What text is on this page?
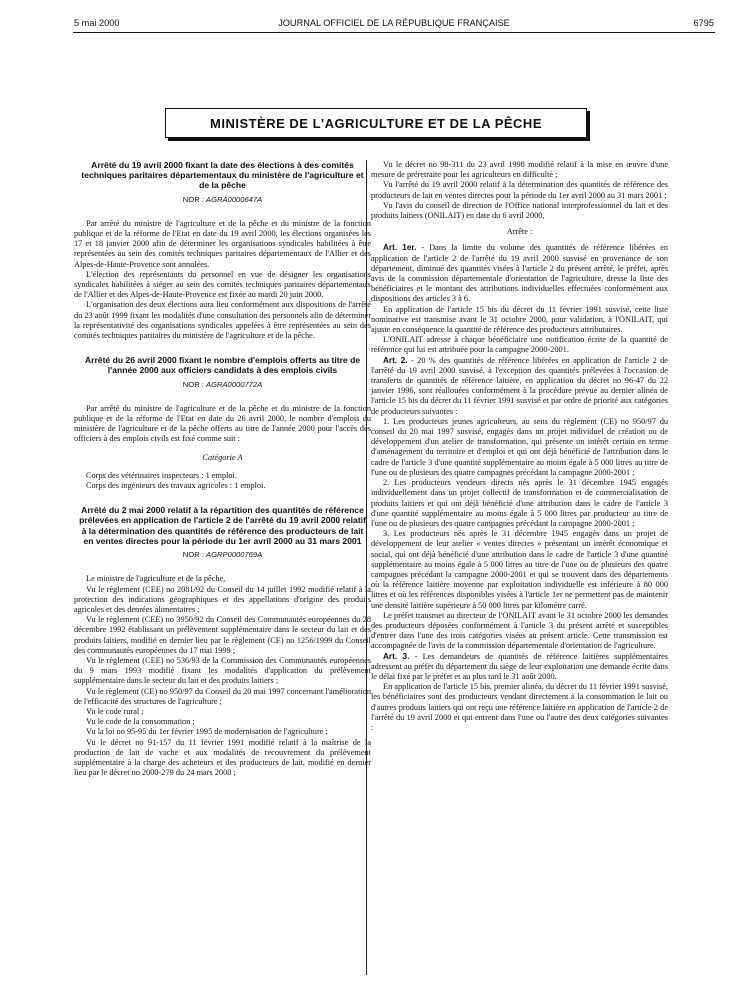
5 mai 2000	JOURNAL OFFICIEL DE LA RÉPUBLIQUE FRANÇAISE	6795
MINISTÈRE DE L'AGRICULTURE ET DE LA PÊCHE
Arrêté du 19 avril 2000 fixant la date des élections à des comités techniques paritaires départementaux du ministère de l'agriculture et de la pêche
NOR : AGRA0000647A

Par arrêté du ministre de l'agriculture et de la pêche et du ministre de la fonction publique et de la réforme de l'Etat en date du 19 avril 2000, les élections organisées les 17 et 18 janvier 2000 afin de déterminer les organisations syndicales habilitées à être représentées au sein des comités techniques paritaires départementaux de l'Allier et des Alpes-de-Haute-Provence sont annulées.

L'élection des représentants du personnel en vue de désigner les organisations syndicales habilitées à siéger au sein des comités techniques paritaires départementaux de l'Allier et des Alpes-de-Haute-Provence est fixée au mardi 20 juin 2000.

L'organisation des deux élections aura lieu conformément aux dispositions de l'arrêté du 23 août 1999 fixant les modalités d'une consultation des personnels afin de déterminer la représentativité des organisations syndicales appelées à être représentées au sein des comités techniques paritaires du ministère de l'agriculture et de la pêche.

Arrêté du 26 avril 2000 fixant le nombre d'emplois offerts au titre de l'année 2000 aux officiers candidats à des emplois civils
NOR : AGRA0000772A

Par arrêté du ministre de l'agriculture et de la pêche et du ministre de la fonction publique et de la réforme de l'Etat en date du 26 avril 2000, le nombre d'emplois du ministère de l'agriculture et de la pêche offerts au titre de l'année 2000 pour l'accès des officiers à des emplois civils est fixé comme suit :

Catégorie A

Corps des vétérinaires inspecteurs : 1 emploi.

Corps des ingénieurs des travaux agricoles : 1 emploi.

Arrêté du 2 mai 2000 relatif à la répartition des quantités de référence prélevées en application de l'article 2 de l'arrêté du 19 avril 2000 relatif à la détermination des quantités de référence des producteurs de lait en ventes directes pour la période du 1er avril 2000 au 31 mars 2001
NOR : AGRP0000769A

Le ministre de l'agriculture et de la pêche,

Vu le règlement (CEE) no 2081/92 du Conseil du 14 juillet 1992 modifié relatif à la protection des indications géographiques et des appellations d'origine des produits agricoles et des denrées alimentaires ;

Vu le règlement (CEE) no 3950/92 du Conseil des Communautés européennes du 28 décembre 1992 établissant un prélèvement supplémentaire dans le secteur du lait et des produits laitiers, modifié en dernier lieu par le règlement (CE) no 1256/1999 du Conseil des communautés européennes du 17 mai 1999 ;

Vu le règlement (CEE) no 536/93 de la Commission des Communautés européennes du 9 mars 1993 modifié fixant les modalités d'application du prélèvement supplémentaire dans le secteur du lait et des produits laitiers ;

Vu le règlement (CE) no 950/97 du Conseil du 20 mai 1997 concernant l'amélioration de l'efficacité des structures de l'agriculture ;

Vu le code rural ;

Vu le code de la consommation ;

Vu la loi no 95-95 du 1er février 1995 de modernisation de l'agriculture ;

Vu le décret no 91-157 du 11 février 1991 modifié relatif à la maîtrise de la production de lait de vache et aux modalités de recouvrement du prélèvement supplémentaire à la charge des acheteurs et des producteurs de lait, modifié en dernier lieu par le décret no 2000-279 du 24 mars 2000 ;

Vu le décret no 98-311 du 23 avril 1998 modifié relatif à la mise en œuvre d'une mesure de préretraite pour les agriculteurs en difficulté ;

Vu l'arrêté du 19 avril 2000 relatif à la détermination des quantités de référence des producteurs de lait en ventes directes pour la période du 1er avril 2000 au 31 mars 2001 ;

Vu l'avis du conseil de direction de l'Office national interprofessionnel du lait et des produits laitiers (ONILAIT) en date du 6 avril 2000,

Arrête :

Art. 1er. - Dans la limite du volume des quantités de référence libérées en application de l'article 2 de l'arrêté du 19 avril 2000 susvisé en provenance de son département, diminué des quantités visées à l'article 2 du présent arrêté, le préfet, après avis de la commission départementale d'orientation de l'agriculture, dresse la liste des bénéficiaires et le montant des attributions individuelles effectuées conformément aux dispositions des articles 3 à 6.

En application de l'article 15 bis du décret du 11 février 1991 susvisé, cette liste nominative est transmise avant le 31 octobre 2000, pour validation, à l'ONILAIT, qui ajuste en conséquence la quantité de référence des producteurs attributaires.

L'ONILAIT adresse à chaque bénéficiaire une notification écrite de la quantité de référence qui lui est attribuée pour la campagne 2000-2001.

Art. 2. - 20 % des quantités de référence libérées en application de l'article 2 de l'arrêté du 19 avril 2000 susvisé, à l'exception des quantités prélevées à l'occasion de transferts de quantités de référence laitière, en application du décret no 96-47 du 22 janvier 1996, sont réallouées conformément à la procédure prévue au dernier alinéa de l'article 15 bis du décret du 11 février 1991 susvisé et par ordre de priorité aux catégories de producteurs suivantes :

1. Les producteurs jeunes agriculteurs, au sens du règlement (CE) no 950/97 du conseil du 20 mai 1997 susvisé, engagés dans un projet individuel de création ou de développement d'un atelier de transformation, qui présente un intérêt certain en terme d'aménagement du territoire et d'emploi et qui ont déjà bénéficié de l'attribution dans le cadre de l'article 3 d'une quantité supplémentaire au moins égale à 5 000 litres au titre de l'une ou de plusieurs des quatre campagnes précédant la campagne 2000-2001 ;

2. Les producteurs vendeurs directs nés après le 31 décembre 1945 engagés individuellement dans un projet collectif de transformation et de commercialisation de produits laitiers et qui ont déjà bénéficié d'une attribution dans le cadre de l'article 3 d'une quantité supplémentaire au moins égale à 5 000 litres par producteur au titre de l'une ou de plusieurs des quatre campagnes précédant la campagne 2000-2001 ;

3. Les producteurs nés après le 31 décembre 1945 engagés dans un projet de développement de leur atelier « ventes directes » présentant un intérêt économique et social, qui ont déjà bénéficié d'une attribution dans le cadre de l'article 3 d'une quantité supplémentaire au moins égale à 5 000 litres au titre de l'une ou de plusieurs des quatre campagnes précédant la campagne 2000-2001 et qui se trouvent dans des départements où la référence laitière moyenne par exploitation individuelle est inférieure à 80 000 litres et où les références disponibles visées à l'article 1er ne permettent pas de maintenir une densité laitière supérieure à 50 000 litres par kilomètre carré.

Le préfet transmet au directeur de l'ONILAIT avant le 31 octobre 2000 les demandes des producteurs déposées conformément à l'article 3 du présent arrêté et susceptibles d'entrer dans l'une des trois catégories visées au présent article. Cette transmission est accompagnée de l'avis de la commission départementale d'orientation de l'agriculture.

Art. 3. - Les demandeurs de quantités de référence laitières supplémentaires adressent au préfet du département du siège de leur exploitation une demande écrite dans le délai fixé par le préfet et au plus tard le 31 août 2000.

En application de l'article 15 bis, premier alinéa, du décret du 11 février 1991 susvisé, les bénéficiaires sont des producteurs vendant directement à la consommation le lait ou d'autres produits laitiers qui ont reçu une référence laitière en application de l'article 2 de l'arrêté du 19 avril 2000 et qui entrent dans l'une ou l'autre des deux catégories suivantes :
